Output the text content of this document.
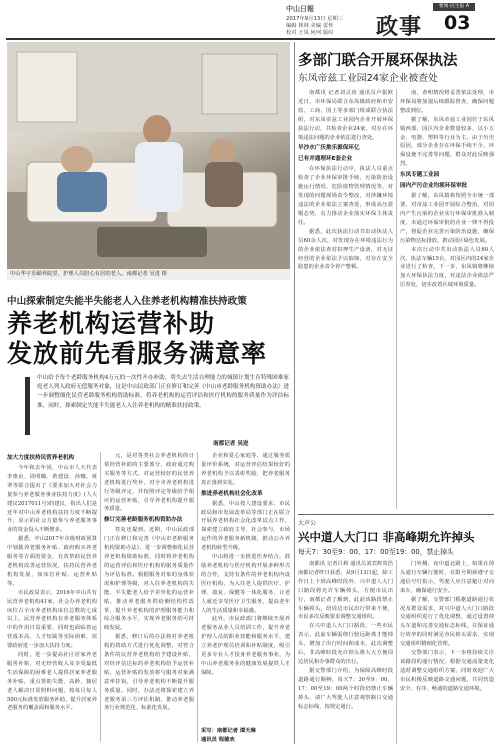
中山日報
2017年9月13日 星期三
编辑 林林 美编 雷怀
校对 王凤 何坷 版纹 政事
要闻·民生报 A
03
中山华宇乐颐养院里，护理人员陪心有居的老人。南都记者 吴进 摄
中山探索制定失能半失能老人入住养老机构精准扶持政策
养老机构运营补助
发放前先看服务满意率

中山给予每个老龄服务机构4万元的一次性开办补助，将失去生活自理能力的城镇计划生育特殊困难家庭老人列入政府无偿服务对象，这是中山民政部门正在修订和完善《中山市老龄服务机构资助办法》进一步调整细化民营老龄服务机构资助标准，将养老机构的运营评估和医疗机构的服务质量作为评估标准，同时，探索制定失能半失能老人入住养老机构的精准扶持政策。

南都记者 吴进
加大力度扶持民营养老机构

今年和去年同，中山市人大代表李惠贞、周明璐、黄建设、孙娜、黄翠等联合提出了《要求加大对社会力量参与养老服务事业扶持力度》(人大建议2017011号)的建议，指出人们是近年对中山养老机构扶持力度不断提升，显示的社会力量参与养老服务事业的资金投入不断增多。

据悉，中山2017年市级财政预算中划拨养老服务补贴、政府购买养老服务等方面的资金，有效帮助民营养老机构改善运营状况，扶持民营养老机构发展，如床位补贴、运营补贴等。

市民政局表示，2016年中山共有民营养老机构41家，社会办养老机构床位占全市养老机构床位总数的七成以上，民营养老机构在养老服务体系中的作用日益重要，同时也面临着运营成本高、人才短缺等实际困难，需要政府进一步加大扶持力度。

同时，进一步提高社区居家养老服务补贴，对无经营收入及享受最低生活保障的困难老人提供居家养老服务补贴，重点帮助失能、高龄、独居老人解决日常照料问题，按每月每人500元标准发放服务补助，提升居家养老服务的覆盖面和服务水平。

元，是对各类社会养老机构的日常经营补助的主要部分，政府通过购买服务等方式，对运营较好的民营养老机构进行奖补，对全市养老机构进行等级评定，并按照评定等级给予相应的运营补贴，引导养老机构提升服务质量。

修订完善老龄服务机构资助办法

答复还提到，近期，中山民政部门正在修订和完善《中山市老龄服务机构资助办法》，进一步调整细化民营养老机构资助标准，同时将养老机构的运营评估和医疗机构的服务质量作为评估标准。根据服务对象的身体状况和护理等级，对入住养老机构的失能、半失能老人给予差异化的运营补贴，推动养老服务供给侧结构性改革，提升养老机构的护理服务能力和综合服务水平，实现养老服务的可持续发展。

据悉，修订后的办法将对养老机构的资助方式进行优化调整，对符合条件的民营养老机构给予建设补贴，对经评估达标的养老机构给予运营补贴，运营补贴的发放将与服务对象满意率挂钩，引导养老机构不断提升服务质量。同时，办法还将探索建立养老服务第三方评估机制，推动养老服务行业规范化、标准化发展。

企业和爱心家庭等，通过服务质量评价系统，对运营评估结果较好的养老机构予以表彰奖励，把养老服务真正落到实处。

推进养老机构社会化改革

据悉，中山按人建设要求，市民政局和市发展改革局等部门正在联合开展养老机构社会化改革试点工作，探索建立政府主导、社会参与、市场运作的养老服务新机制，推动公办养老机构转型升级。

中山将进一步推进医养结合，鼓励养老机构与医疗机构开展多种形式的合作，支持有条件的养老机构内设医疗机构，为入住老人提供医疗、护理、康复、保健等一体化服务，让老人就近享受医疗卫生服务，提高老年人的生活质量和幸福感。

此外，市民政部门将继续开展养老服务从业人员培训工作，提升养老护理人员的职业技能和服务水平，建立养老护理员培训和补贴制度，吸引更多专业人才投身养老服务事业，为中山养老服务业的健康发展提供人才保障。

采写：南都记者 谭天琳
通讯员 程德欢
多部门联合开展环保执法
东凤帝兹工业园24家企业被查处

南都讯 记者刘灵涛 通讯员卢振欧 近日，市环保局联合东凤镇政府和市安监、工商、国土等多部门组成联合执法组，对东凤帝兹工业园内企业开展环保执法行动，共检查企业24家，对存在环境违法问题的企业依法进行查处。

早沙水广沃推乐源保环亿
已有并通理环E套企业

在环保执法行动中，执法人员重点检查了企业环保审批手续、污染防治设施运行情况、危险废物管理情况等，对发现的问题现场责令整改，对涉嫌环境违法的企业依法立案查处，形成高压震慑态势，有力推动企业落实环保主体责任。

据悉，此次执法行动共出动执法人员60余人次，对发现存在环境违法行为的企业依法查封扣押生产设备，对无证经营的企业依法予以取缔，对存在安全隐患的企业责令停产整顿。

南，查明情况将妥善依法处理，市环保局将加强后续跟踪督查，确保问题整改到位。

据了解，东凤帝兹工业园位于东凤镇西部，园区内企业数量较多，以小五金、电器、塑料等行业为主。由于历史原因，部分企业存在环保手续不全、环保设施不完善等问题，群众对此反映强烈。

东凤专题工业园
园内产污企业均须环保审批

据了解，东凤镇将按照全市统一部署，对帝兹工业园开展综合整治，对园内产生污染的企业实行环保审批准入制度，未通过环保审批的企业一律不得投产，督促企业完善污染防治设施，确保污染物达标排放，推动园区绿色发展。

本次行动中共出动执法人员60人次，执法车辆15台，对园区内的24家企业进行了检查，下一步，东凤镇将继续加大环保执法力度，对违法企业依法严厉查处，切实改善区域环境质量。

大声公
兴中道人大门口 非高峰期允许掉头
每天7：30至9：00、17：00至19：00，禁止掉头

南都讯 记者吕莉 通讯员刘宾辉贵浩 南都记者昨日获悉，从9月13日起，除工作日上下班高峰时段外，兴中道人大门口路段将允许车辆掉头，方便市民出行，南都记者了解到，此前该路段禁止车辆掉头，给周边市民出行带来不便，市民多次反映要求调整交通组织。

在兴中道人大门口路段，一些市民表示，此前车辆需绕行较远距离才能掉头，增加了出行时间和成本，此次调整后，非高峰时段允许掉头将大大方便周边居民和办事群众的出行。

据交警部门介绍，为保障高峰时段道路通行顺畅，每天7：30至9：00、17：00至19：00两个时段仍禁止车辆掉头，请广大驾驶人注意观察路口交通标志标线，按规定通行。

门外侧，夜中道北路上，如果在掉头通行车辆行驶时，在限号期须遵守交通信号灯指示，驾驶人应注意避让对向来车，确保通行安全。

据了解，交警部门根据道路通行状况及群众需求，对兴中道人大门口路段交通组织进行了优化调整，通过设置掉头车道和完善交通标志标线，在保证通行效率的同时满足市民掉头需求，实现交通组织精细化管理。

交警部门表示，下一步将持续关注该路段的通行情况，根据交通流量变化适时调整交通组织方案，同时欢迎广大市民积极反映道路交通问题，共同营造安全、有序、畅通的道路交通环境。
